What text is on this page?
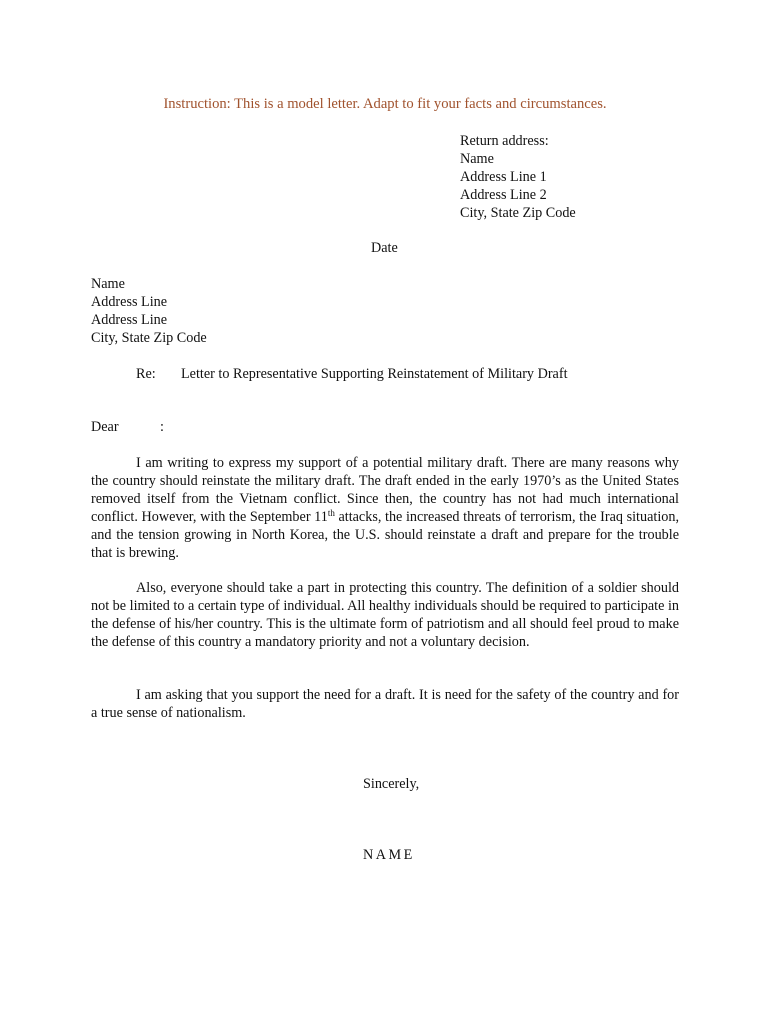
Instruction: This is a model letter. Adapt to fit your facts and circumstances.
Return address:
Name
Address Line 1
Address Line 2
City, State Zip Code
Date
Name
Address Line
Address Line
City, State Zip Code
Re: Letter to Representative Supporting Reinstatement of Military Draft
Dear	:

I am writing to express my support of a potential military draft. There are many reasons why the country should reinstate the military draft. The draft ended in the early 1970’s as the United States removed itself from the Vietnam conflict. Since then, the country has not had much international conflict. However, with the September 11th attacks, the increased threats of terrorism, the Iraq situation, and the tension growing in North Korea, the U.S. should reinstate a draft and prepare for the trouble that is brewing.

Also, everyone should take a part in protecting this country. The definition of a soldier should not be limited to a certain type of individual. All healthy individuals should be required to participate in the defense of his/her country. This is the ultimate form of patriotism and all should feel proud to make the defense of this country a mandatory priority and not a voluntary decision.

I am asking that you support the need for a draft. It is need for the safety of the country and for a true sense of nationalism.

Sincerely,
NAME
